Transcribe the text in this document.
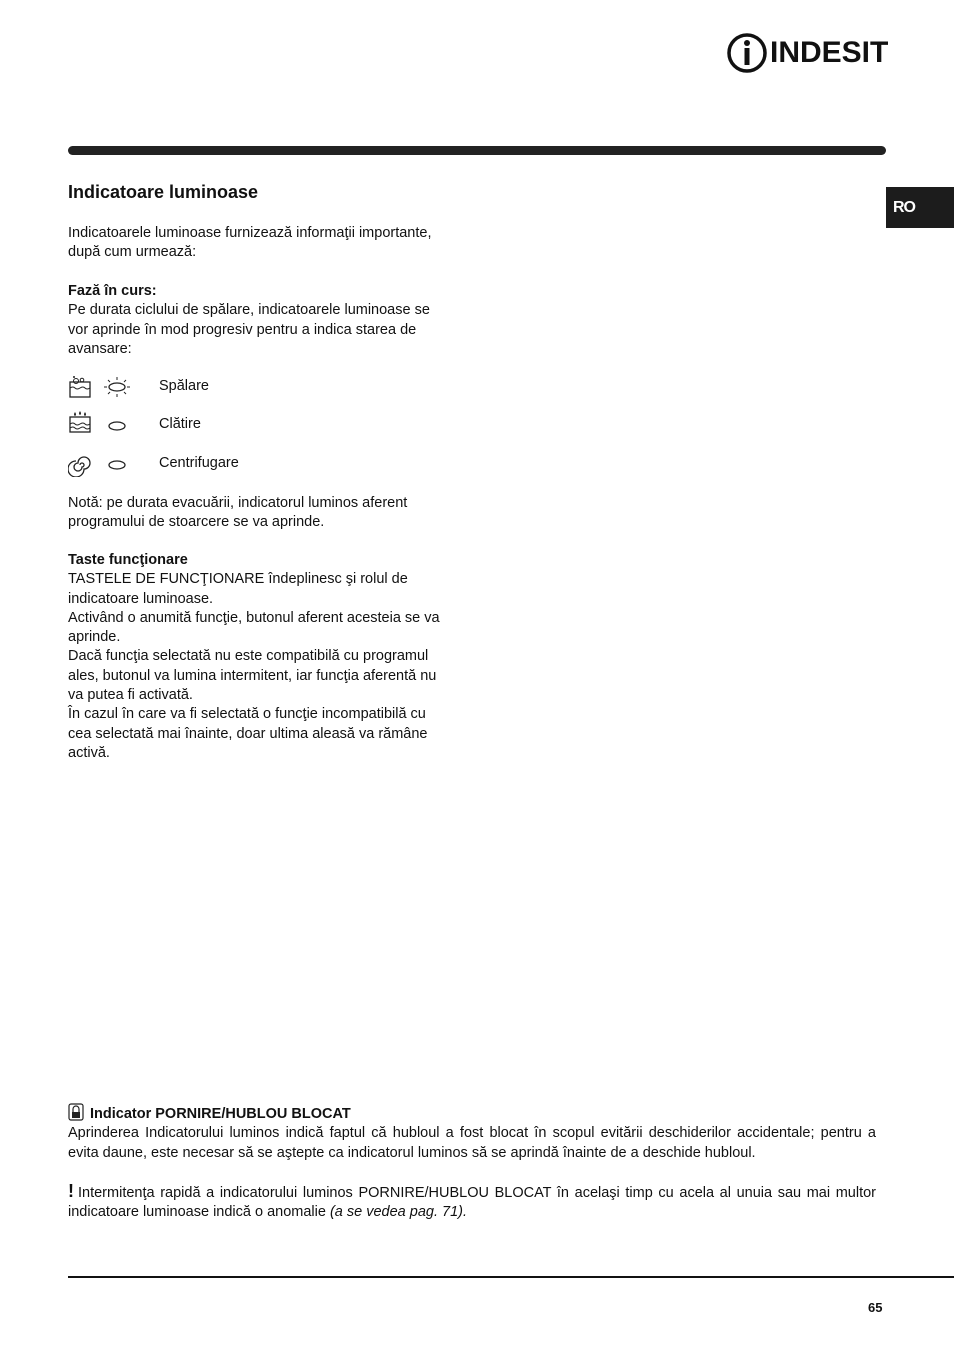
INDESIT
RO
Indicatoare luminoase

Indicatoarele luminoase furnizează informaţii importante, după cum urmează:

Fază în curs:

Pe durata ciclului de spălare, indicatoarele luminoase se vor aprinde în mod progresiv pentru a indica starea de avansare:

Spălare
Clătire
Centrifugare

Notă: pe durata evacuării, indicatorul luminos aferent programului de stoarcere se va aprinde.

Taste funcţionare

TASTELE DE FUNCŢIONARE îndeplinesc şi rolul de indicatoare luminoase.

Activând o anumită funcţie, butonul aferent acesteia se va aprinde.

Dacă funcţia selectată nu este compatibilă cu programul ales, butonul va lumina intermitent, iar funcţia aferentă nu va putea fi activată.

În cazul în care va fi selectată o funcţie incompatibilă cu cea selectată mai înainte, doar ultima aleasă va rămâne activă.

Indicator PORNIRE/HUBLOU BLOCAT

Aprinderea Indicatorului luminos indică faptul că hubloul a fost blocat în scopul evitării deschiderilor accidentale; pentru a evita daune, este necesar să se aştepte ca indicatorul luminos să se aprindă înainte de a deschide hubloul.

! Intermitenţa rapidă a indicatorului luminos PORNIRE/HUBLOU BLOCAT în acelaşi timp cu acela al unuia sau mai multor indicatoare luminoase indică o anomalie (a se vedea pag. 71).

65
